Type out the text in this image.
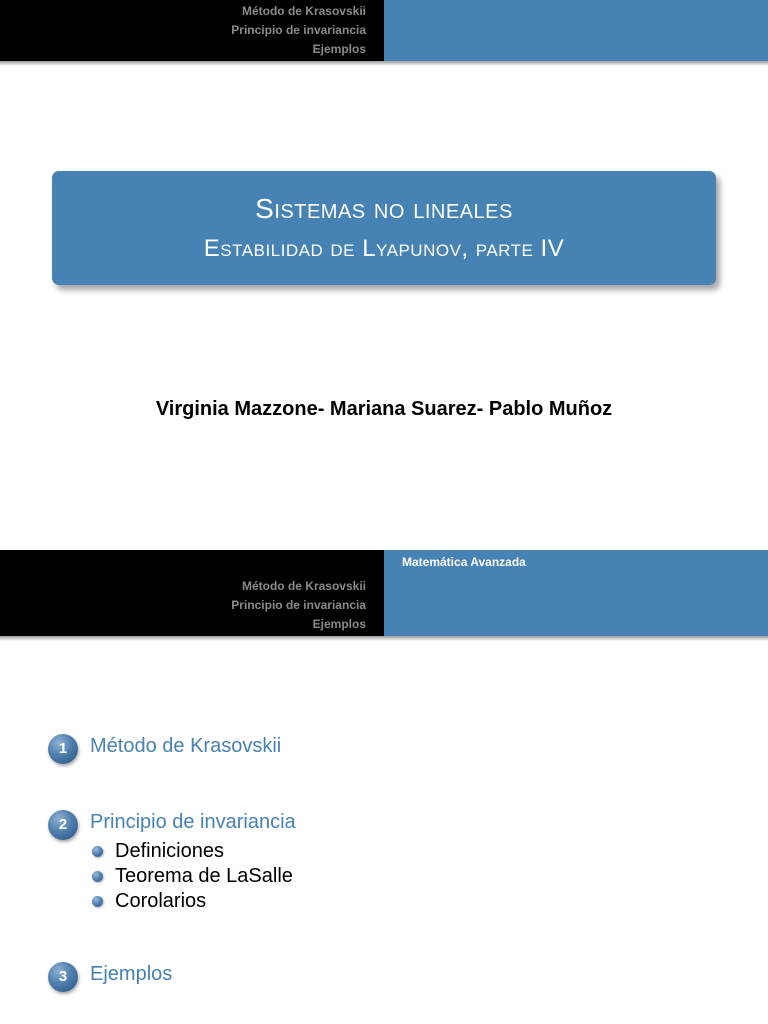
Método de Krasovskii
Principio de invariancia
Ejemplos
Sistemas no lineales
Estabilidad de Lyapunov, parte IV
Virginia Mazzone- Mariana Suarez- Pablo Muñoz
Método de Krasovskii
Principio de invariancia
Ejemplos
Matemática Avanzada
1	Método de Krasovskii
2	Principio de invariancia
Definiciones
Teorema de LaSalle
Corolarios
3	Ejemplos
